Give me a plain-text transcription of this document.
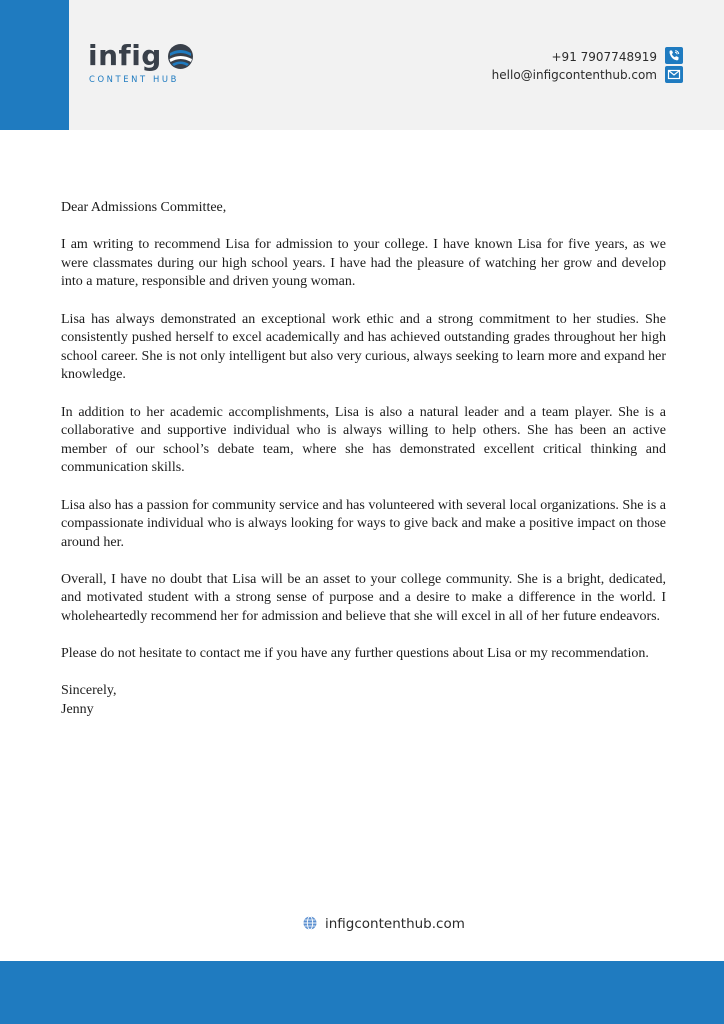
infig
CONTENT HUB
+91 7907748919
hello@infigcontenthub.com

Dear Admissions Committee,

I am writing to recommend Lisa for admission to your college. I have known Lisa for five years, as we were classmates during our high school years. I have had the pleasure of watching her grow and develop into a mature, responsible and driven young woman.

Lisa has always demonstrated an exceptional work ethic and a strong commitment to her studies. She consistently pushed herself to excel academically and has achieved outstanding grades throughout her high school career. She is not only intelligent but also very curious, always seeking to learn more and expand her knowledge.

In addition to her academic accomplishments, Lisa is also a natural leader and a team player. She is a collaborative and supportive individual who is always willing to help others. She has been an active member of our school’s debate team, where she has demonstrated excellent critical thinking and communication skills.

Lisa also has a passion for community service and has volunteered with several local organizations. She is a compassionate individual who is always looking for ways to give back and make a positive impact on those around her.

Overall, I have no doubt that Lisa will be an asset to your college community. She is a bright, dedicated, and motivated student with a strong sense of purpose and a desire to make a difference in the world. I wholeheartedly recommend her for admission and believe that she will excel in all of her future endeavors.

Please do not hesitate to contact me if you have any further questions about Lisa or my recommendation.

Sincerely,

Jenny

infigcontenthub.com
